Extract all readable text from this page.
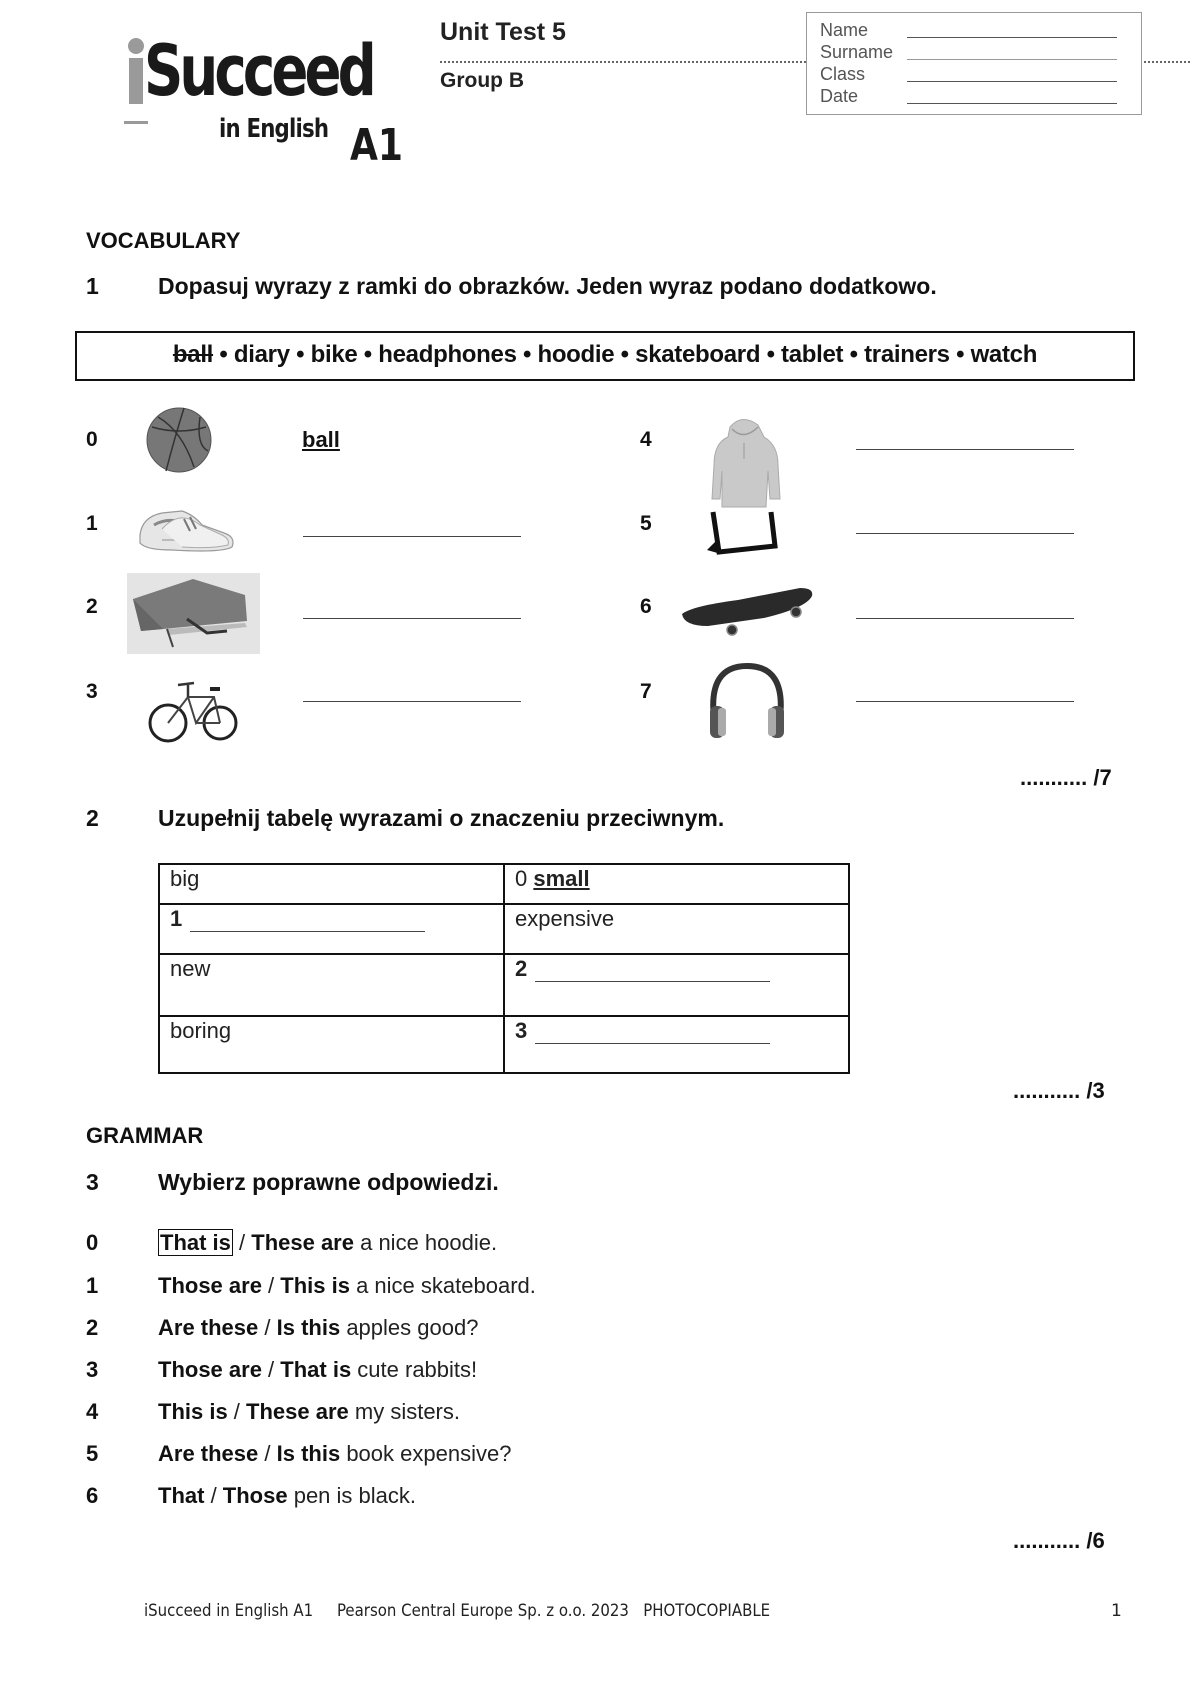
Succeed
in English A1
Unit Test 5
Group B
Name
Surname
Class
Date
VOCABULARY
1	Dopasuj wyrazy z ramki do obrazków. Jeden wyraz podano dodatkowo.
ball • diary • bike • headphones • hoodie • skateboard • tablet • trainers • watch
0	ball
1
2
3
4
5
6
7
........... /7
2	Uzupełnij tabelę wyrazami o znaczeniu przeciwnym.
big	0 small
1	expensive
new	2
boring	3
........... /3
GRAMMAR
3	Wybierz poprawne odpowiedzi.
0	That is / These are a nice hoodie.
1	Those are / This is a nice skateboard.
2	Are these / Is this apples good?
3	Those are / That is cute rabbits!
4	This is / These are my sisters.
5	Are these / Is this book expensive?
6	That / Those pen is black.
........... /6
iSucceed in English A1     Pearson Central Europe Sp. z o.o. 2023   PHOTOCOPIABLE	1
